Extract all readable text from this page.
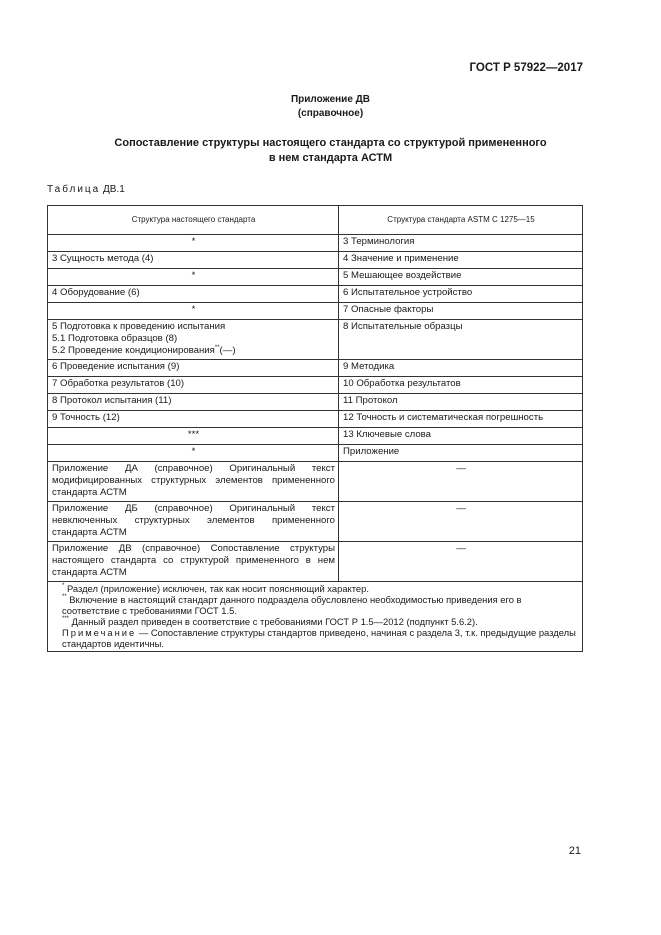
ГОСТ Р 57922—2017
Приложение ДВ
(справочное)
Сопоставление структуры настоящего стандарта со структурой примененного
в нем стандарта АСТМ
Таблица ДВ.1
Структура настоящего стандарта	Структура стандарта ASTM C 1275—15
*	3 Терминология
3 Сущность метода (4)	4 Значение и применение
*	5 Мешающее воздействие
4 Оборудование (6)	6 Испытательное устройство
*	7 Опасные факторы

5 Подготовка к проведению испытания
5.1 Подготовка образцов (8)
5.2 Проведение кондиционирования**(—)	8 Испытательные образцы
6 Проведение испытания (9)	9 Методика
7 Обработка результатов (10)	10 Обработка результатов
8 Протокол испытания (11)	11 Протокол
9 Точность (12)	12 Точность и систематическая погрешность
***	13 Ключевые слова
*	Приложение
Приложение ДА (справочное) Оригинальный текст модифицированных структурных элементов примененного стандарта АСТМ	—
Приложение ДБ (справочное) Оригинальный текст невключенных структурных элементов примененного стандарта АСТМ	—
Приложение ДВ (справочное) Сопоставление структуры настоящего стандарта со структурой примененного в нем стандарта АСТМ	—

* Раздел (приложение) исключен, так как носит поясняющий характер.
** Включение в настоящий стандарт данного подраздела обусловлено необходимостью приведения его в соответствие с требованиями ГОСТ 1.5.
*** Данный раздел приведен в соответствие с требованиями ГОСТ Р 1.5—2012 (подпункт 5.6.2).
Примечание — Сопоставление структуры стандартов приведено, начиная с раздела 3, т.к. предыдущие разделы стандартов идентичны.	
21
